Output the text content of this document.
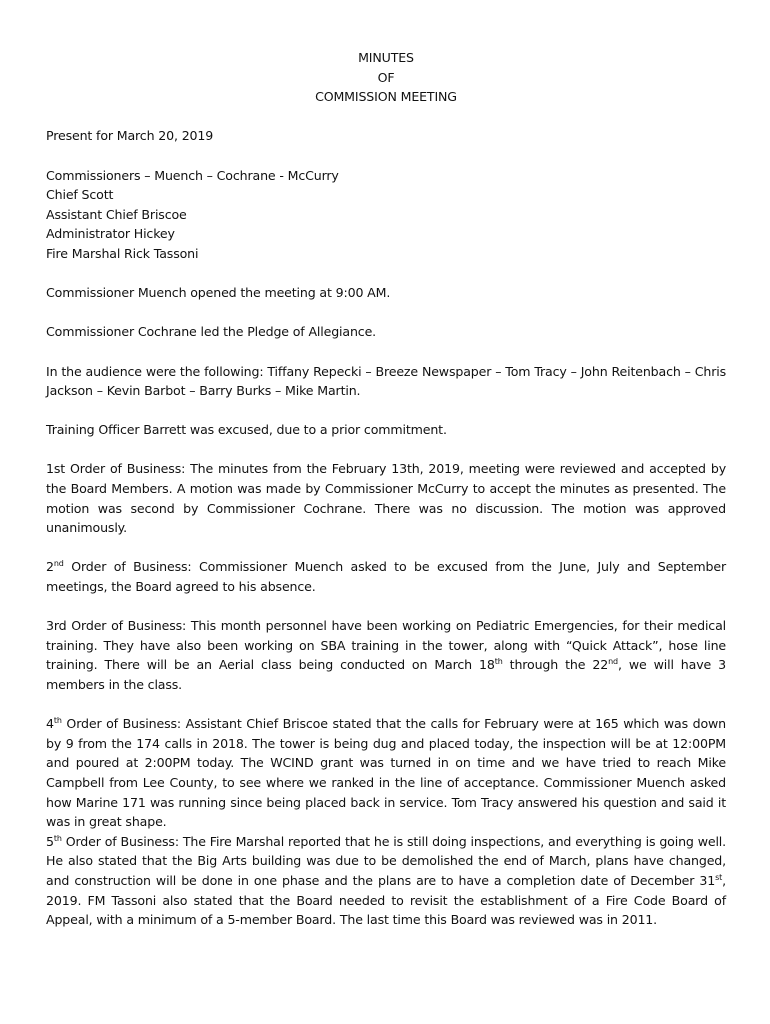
MINUTES
OF
COMMISSION MEETING

Present for March 20, 2019

Commissioners – Muench – Cochrane - McCurry

Chief Scott

Assistant Chief Briscoe

Administrator Hickey

Fire Marshal Rick Tassoni

Commissioner Muench opened the meeting at 9:00 AM.

Commissioner Cochrane led the Pledge of Allegiance.

In the audience were the following: Tiffany Repecki – Breeze Newspaper – Tom Tracy – John Reitenbach – Chris Jackson – Kevin Barbot – Barry Burks – Mike Martin.

Training Officer Barrett was excused, due to a prior commitment.

1st Order of Business: The minutes from the February 13th, 2019, meeting were reviewed and accepted by the Board Members. A motion was made by Commissioner McCurry to accept the minutes as presented. The motion was second by Commissioner Cochrane. There was no discussion. The motion was approved unanimously.

2nd Order of Business: Commissioner Muench asked to be excused from the June, July and September meetings, the Board agreed to his absence.

3rd Order of Business: This month personnel have been working on Pediatric Emergencies, for their medical training. They have also been working on SBA training in the tower, along with “Quick Attack”, hose line training. There will be an Aerial class being conducted on March 18th through the 22nd, we will have 3 members in the class.

4th Order of Business: Assistant Chief Briscoe stated that the calls for February were at 165 which was down by 9 from the 174 calls in 2018. The tower is being dug and placed today, the inspection will be at 12:00PM and poured at 2:00PM today. The WCIND grant was turned in on time and we have tried to reach Mike Campbell from Lee County, to see where we ranked in the line of acceptance. Commissioner Muench asked how Marine 171 was running since being placed back in service. Tom Tracy answered his question and said it was in great shape.

5th Order of Business: The Fire Marshal reported that he is still doing inspections, and everything is going well. He also stated that the Big Arts building was due to be demolished the end of March, plans have changed, and construction will be done in one phase and the plans are to have a completion date of December 31st, 2019. FM Tassoni also stated that the Board needed to revisit the establishment of a Fire Code Board of Appeal, with a minimum of a 5-member Board. The last time this Board was reviewed was in 2011.
